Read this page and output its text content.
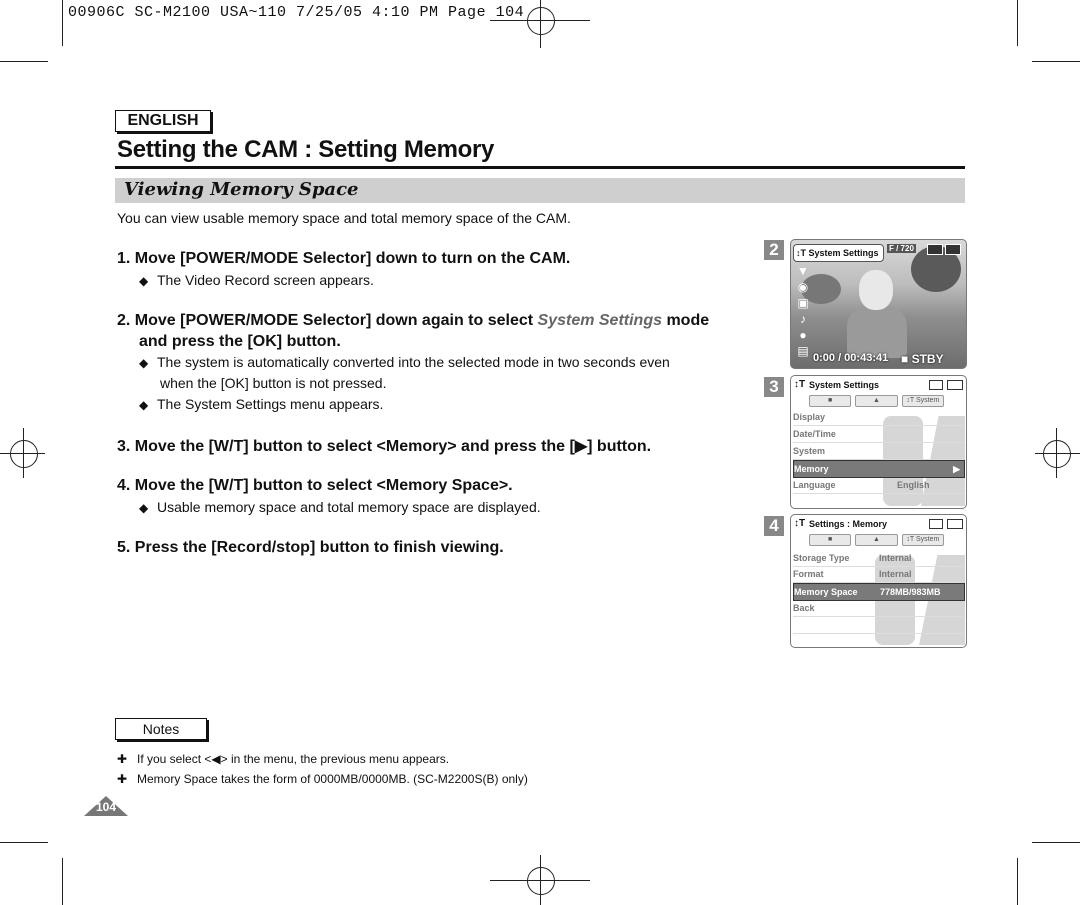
00906C SC-M2100 USA~110 7/25/05 4:10 PM Page 104
ENGLISH
Setting the CAM : Setting Memory
Viewing Memory Space
You can view usable memory space and total memory space of the CAM.
1. Move [POWER/MODE Selector] down to turn on the CAM.
◆ The Video Record screen appears.
2. Move [POWER/MODE Selector] down again to select System Settings mode
and press the [OK] button.
◆ The system is automatically converted into the selected mode in two seconds even
when the [OK] button is not pressed.
◆ The System Settings menu appears.
3. Move the [W/T] button to select <Memory> and press the [▶] button.
4. Move the [W/T] button to select <Memory Space>.
◆ Usable memory space and total memory space are displayed.
5. Press the [Record/stop] button to finish viewing.
2	↕T System Settings	F / 720
▼
◉
▣
♪
●
▤ 0:00 / 00:43:41 ■ STBY
3	↕T System Settings
■	▲	↕T System
Display
Date/Time
System
Memory	▶
Language	English
4	↕T Settings : Memory
■	▲	↕T System
Storage Type	Internal
Format	Internal
Memory Space 778MB/983MB
Back
Notes
✚ If you select <◀> in the menu, the previous menu appears.
✚ Memory Space takes the form of 0000MB/0000MB. (SC-M2200S(B) only)
104
